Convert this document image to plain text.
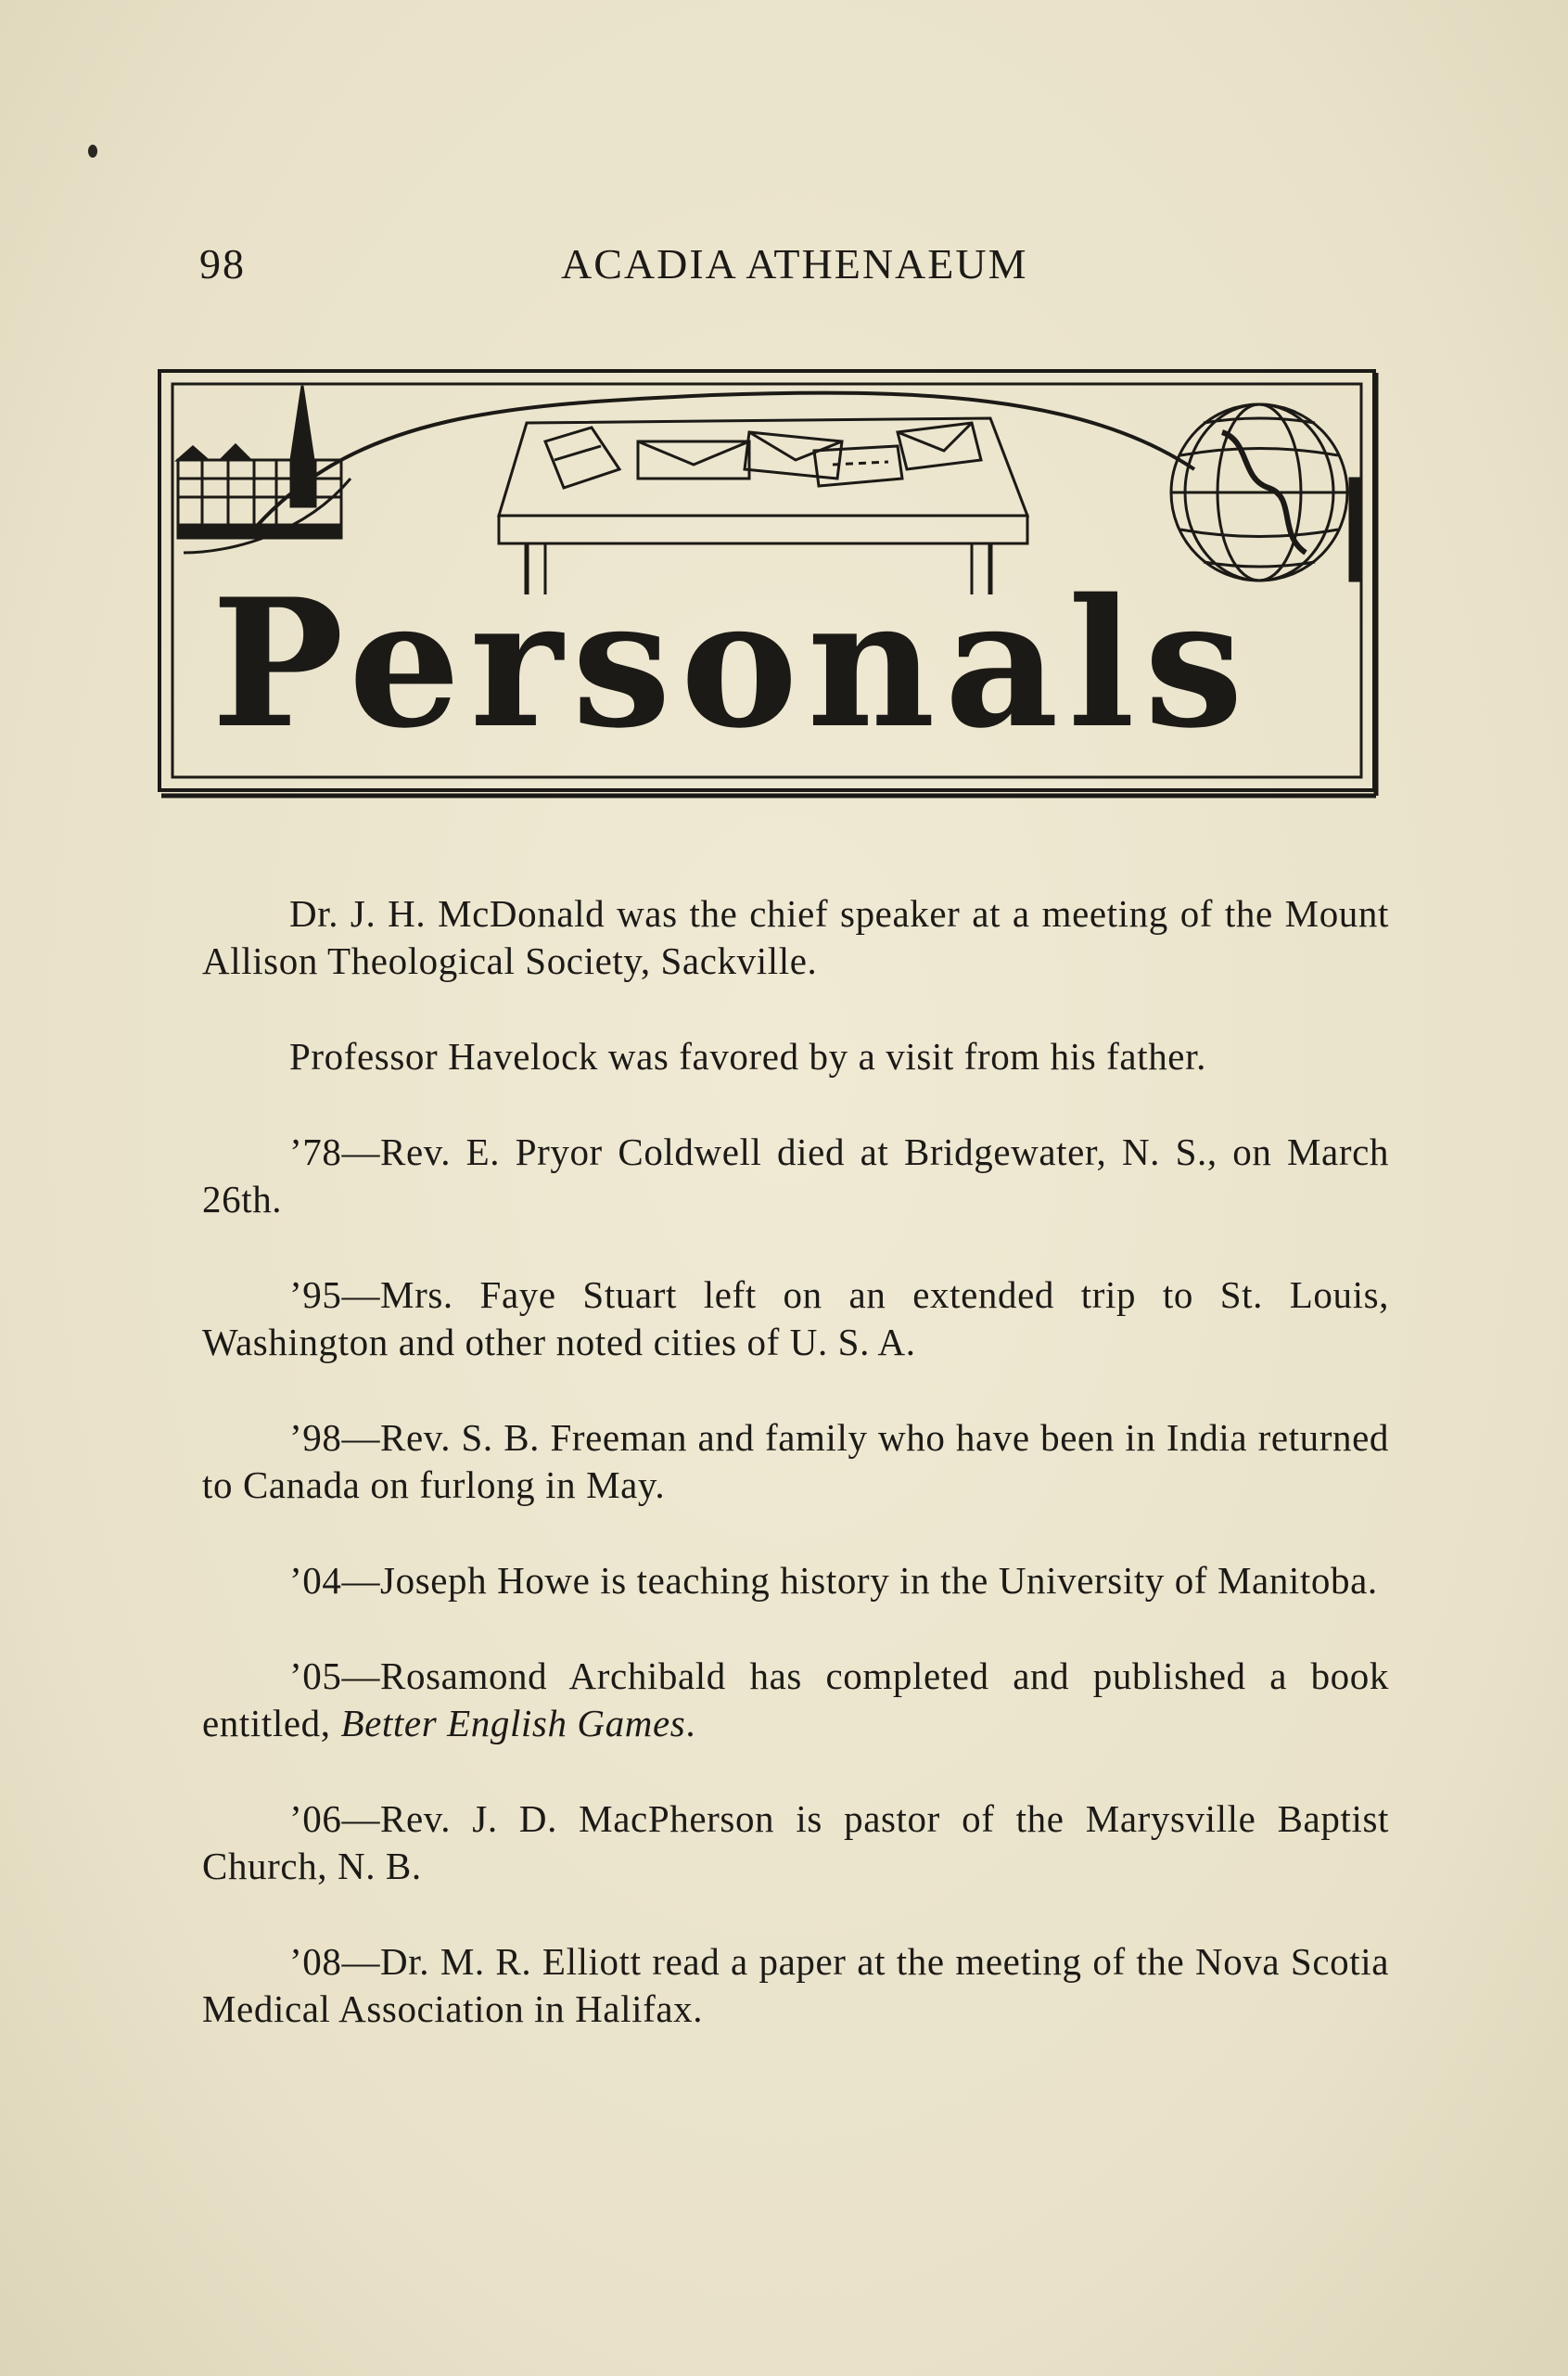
98	ACADIA ATHENAEUM
Personals

Dr. J. H. McDonald was the chief speaker at a meeting of the Mount Allison Theological Society, Sackville.

Professor Havelock was favored by a visit from his father.

’78—Rev. E. Pryor Coldwell died at Bridgewater, N. S., on March 26th.

’95—Mrs. Faye Stuart left on an extended trip to St. Louis, Washington and other noted cities of U. S. A.

’98—Rev. S. B. Freeman and family who have been in India returned to Canada on furlong in May.

’04—Joseph Howe is teaching history in the University of Manitoba.

’05—Rosamond Archibald has completed and published a book entitled, Better English Games.

’06—Rev. J. D. MacPherson is pastor of the Marysville Baptist Church, N. B.

’08—Dr. M. R. Elliott read a paper at the meeting of the Nova Scotia Medical Association in Halifax.
